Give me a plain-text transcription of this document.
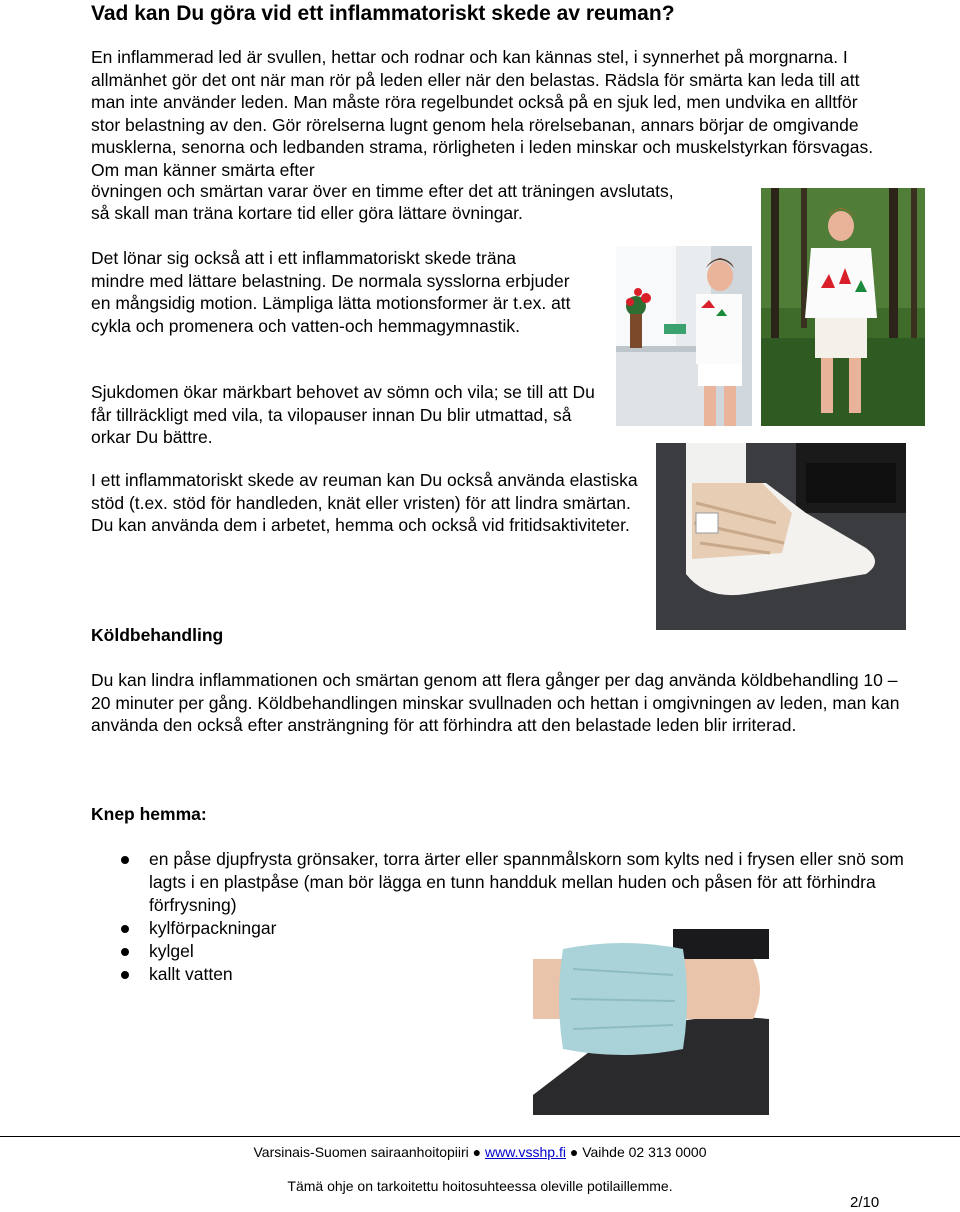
Vad kan Du göra vid ett inflammatoriskt skede av reuman?

En inflammerad led är svullen, hettar och rodnar och kan kännas stel, i synnerhet på morgnarna. I allmänhet gör det ont när man rör på leden eller när den belastas. Rädsla för smärta kan leda till att man inte använder leden. Man måste röra regelbundet också på en sjuk led, men undvika en alltför stor belastning av den. Gör rörelserna lugnt genom hela rörelsebanan, annars börjar de omgivande musklerna, senorna och ledbanden strama, rörligheten i leden minskar och muskelstyrkan försvagas. Om man känner smärta efter

övningen och smärtan varar över en timme efter det att träningen avslutats,

så skall man träna kortare tid eller göra lättare övningar.

Det lönar sig också att i ett inflammatoriskt skede träna mindre med lättare belastning. De normala sysslorna erbjuder en mångsidig motion. Lämpliga lätta motionsformer är t.ex. att cykla och promenera och vatten-och hemmagymnastik.

Sjukdomen ökar märkbart behovet av sömn och vila; se till att Du får tillräckligt med vila, ta vilopauser innan Du blir utmattad, så orkar Du bättre.

I ett inflammatoriskt skede av reuman kan Du också använda elastiska stöd (t.ex. stöd för handleden, knät eller vristen) för att lindra smärtan. Du kan använda dem i arbetet, hemma och också vid fritidsaktiviteter.

Köldbehandling

Du kan lindra inflammationen och smärtan genom att flera gånger per dag använda köldbehandling 10 – 20 minuter per gång. Köldbehandlingen minskar svullnaden och hettan i omgivningen av leden, man kan använda den också efter ansträngning för att förhindra att den belastade leden blir irriterad.

Knep hemma:
en påse djupfrysta grönsaker, torra ärter eller spannmålskorn som kylts ned i frysen eller snö som lagts i en plastpåse (man bör lägga en tunn handduk mellan huden och påsen för att förhindra förfrysning)
kylförpackningar
kylgel
kallt vatten
Varsinais-Suomen sairaanhoitopiiri ● www.vsshp.fi ● Vaihde 02 313 0000
Tämä ohje on tarkoitettu hoitosuhteessa oleville potilaillemme.
2/10
